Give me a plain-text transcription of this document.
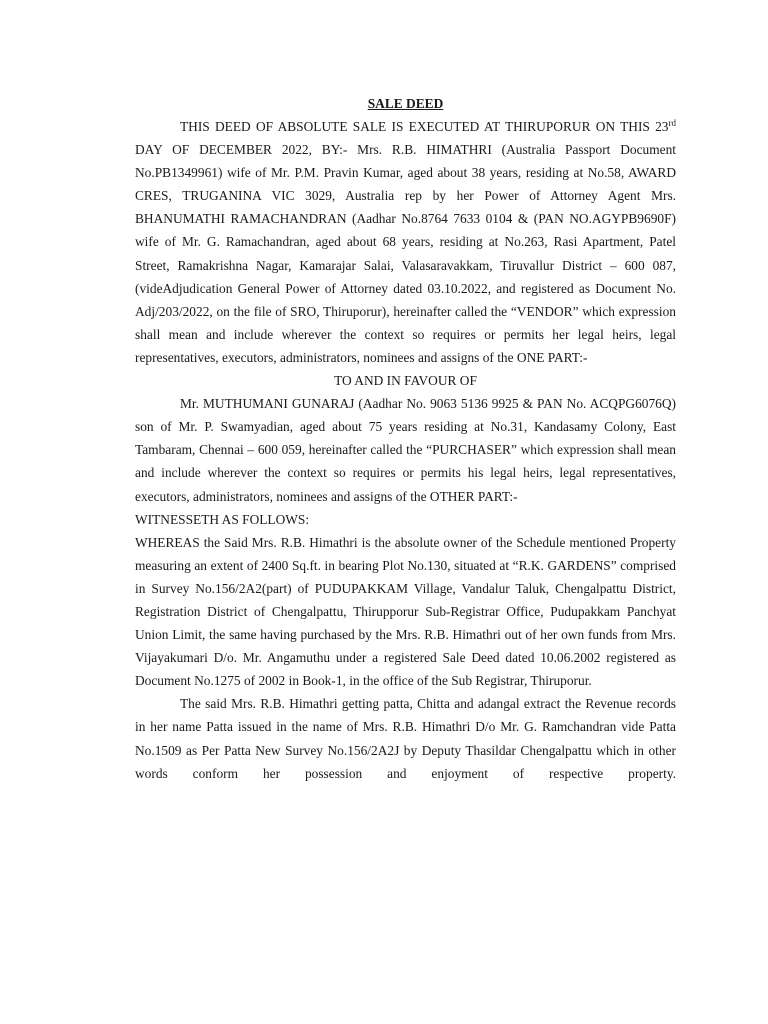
SALE DEED

THIS DEED OF ABSOLUTE SALE IS EXECUTED AT THIRUPORUR ON THIS 23rd DAY OF DECEMBER 2022, BY:- Mrs. R.B. HIMATHRI (Australia Passport Document No.PB1349961) wife of Mr. P.M. Pravin Kumar, aged about 38 years, residing at No.58, AWARD CRES, TRUGANINA VIC 3029, Australia rep by her Power of Attorney Agent Mrs. BHANUMATHI RAMACHANDRAN (Aadhar No.8764 7633 0104 & (PAN NO.AGYPB9690F) wife of Mr. G. Ramachandran, aged about 68 years, residing at No.263, Rasi Apartment, Patel Street, Ramakrishna Nagar, Kamarajar Salai, Valasaravakkam, Tiruvallur District – 600 087, (videAdjudication General Power of Attorney dated 03.10.2022, and registered as Document No. Adj/203/2022, on the file of SRO, Thiruporur), hereinafter called the “VENDOR” which expression shall mean and include wherever the context so requires or permits her legal heirs, legal representatives, executors, administrators, nominees and assigns of the ONE PART:-

TO AND IN FAVOUR OF

Mr. MUTHUMANI GUNARAJ (Aadhar No. 9063 5136 9925 & PAN No. ACQPG6076Q) son of Mr. P. Swamyadian, aged about 75 years residing at No.31, Kandasamy Colony, East Tambaram, Chennai – 600 059, hereinafter called the “PURCHASER” which expression shall mean and include wherever the context so requires or permits his legal heirs, legal representatives, executors, administrators, nominees and assigns of the OTHER PART:-

WITNESSETH AS FOLLOWS:

WHEREAS the Said Mrs. R.B. Himathri is the absolute owner of the Schedule mentioned Property measuring an extent of 2400 Sq.ft. in bearing Plot No.130, situated at “R.K. GARDENS” comprised in Survey No.156/2A2(part) of PUDUPAKKAM Village, Vandalur Taluk, Chengalpattu District, Registration District of Chengalpattu, Thirupporur Sub-Registrar Office, Pudupakkam Panchyat Union Limit, the same having purchased by the Mrs. R.B. Himathri out of her own funds from Mrs. Vijayakumari D/o. Mr. Angamuthu under a registered Sale Deed dated 10.06.2002 registered as Document No.1275 of 2002 in Book-1, in the office of the Sub Registrar, Thiruporur.

The said Mrs. R.B. Himathri getting patta, Chitta and adangal extract the Revenue records in her name Patta issued in the name of Mrs. R.B. Himathri D/o Mr. G. Ramchandran vide Patta No.1509 as Per Patta New Survey No.156/2A2J by Deputy Thasildar Chengalpattu which in other words conform her possession and enjoyment of respective property.
